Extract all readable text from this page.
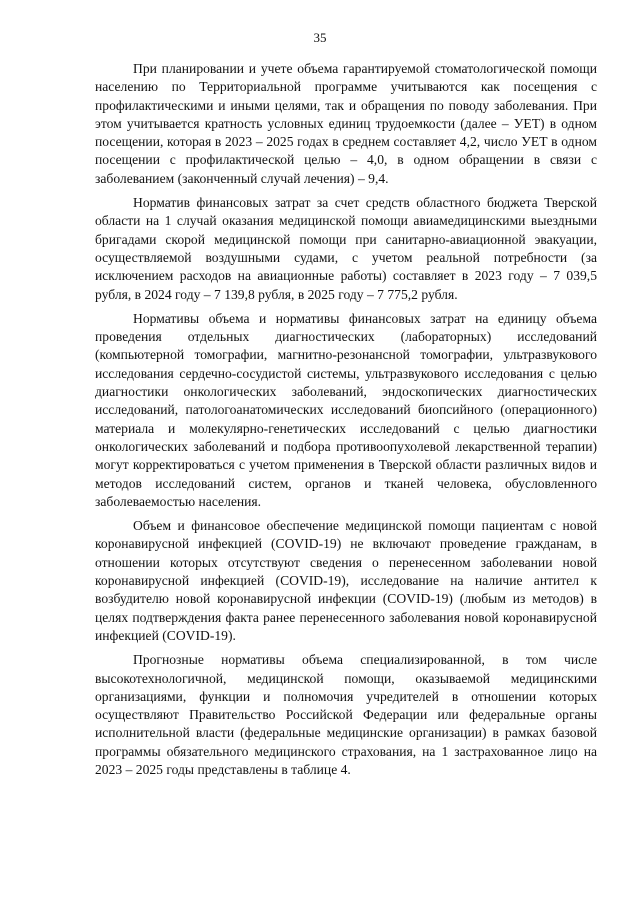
35

При планировании и учете объема гарантируемой стоматологической помощи населению по Территориальной программе учитываются как посещения с профилактическими и иными целями, так и обращения по поводу заболевания. При этом учитывается кратность условных единиц трудоемкости (далее – УЕТ) в одном посещении, которая в 2023 – 2025 годах в среднем составляет 4,2, число УЕТ в одном посещении с профилактической целью – 4,0, в одном обращении в связи с заболеванием (законченный случай лечения) – 9,4.

Норматив финансовых затрат за счет средств областного бюджета Тверской области на 1 случай оказания медицинской помощи авиамедицинскими выездными бригадами скорой медицинской помощи при санитарно-авиационной эвакуации, осуществляемой воздушными судами, с учетом реальной потребности (за исключением расходов на авиационные работы) составляет в 2023 году – 7 039,5 рубля, в 2024 году – 7 139,8 рубля, в 2025 году – 7 775,2 рубля.

Нормативы объема и нормативы финансовых затрат на единицу объема проведения отдельных диагностических (лабораторных) исследований (компьютерной томографии, магнитно-резонансной томографии, ультразвукового исследования сердечно-сосудистой системы, ультразвукового исследования с целью диагностики онкологических заболеваний, эндоскопических диагностических исследований, патологоанатомических исследований биопсийного (операционного) материала и молекулярно-генетических исследований с целью диагностики онкологических заболеваний и подбора противоопухолевой лекарственной терапии) могут корректироваться с учетом применения в Тверской области различных видов и методов исследований систем, органов и тканей человека, обусловленного заболеваемостью населения.

Объем и финансовое обеспечение медицинской помощи пациентам с новой коронавирусной инфекцией (COVID-19) не включают проведение гражданам, в отношении которых отсутствуют сведения о перенесенном заболевании новой коронавирусной инфекцией (COVID-19), исследование на наличие антител к возбудителю новой коронавирусной инфекции (COVID-19) (любым из методов) в целях подтверждения факта ранее перенесенного заболевания новой коронавирусной инфекцией (COVID-19).

Прогнозные нормативы объема специализированной, в том числе высокотехнологичной, медицинской помощи, оказываемой медицинскими организациями, функции и полномочия учредителей в отношении которых осуществляют Правительство Российской Федерации или федеральные органы исполнительной власти (федеральные медицинские организации) в рамках базовой программы обязательного медицинского страхования, на 1 застрахованное лицо на 2023 – 2025 годы представлены в таблице 4.
